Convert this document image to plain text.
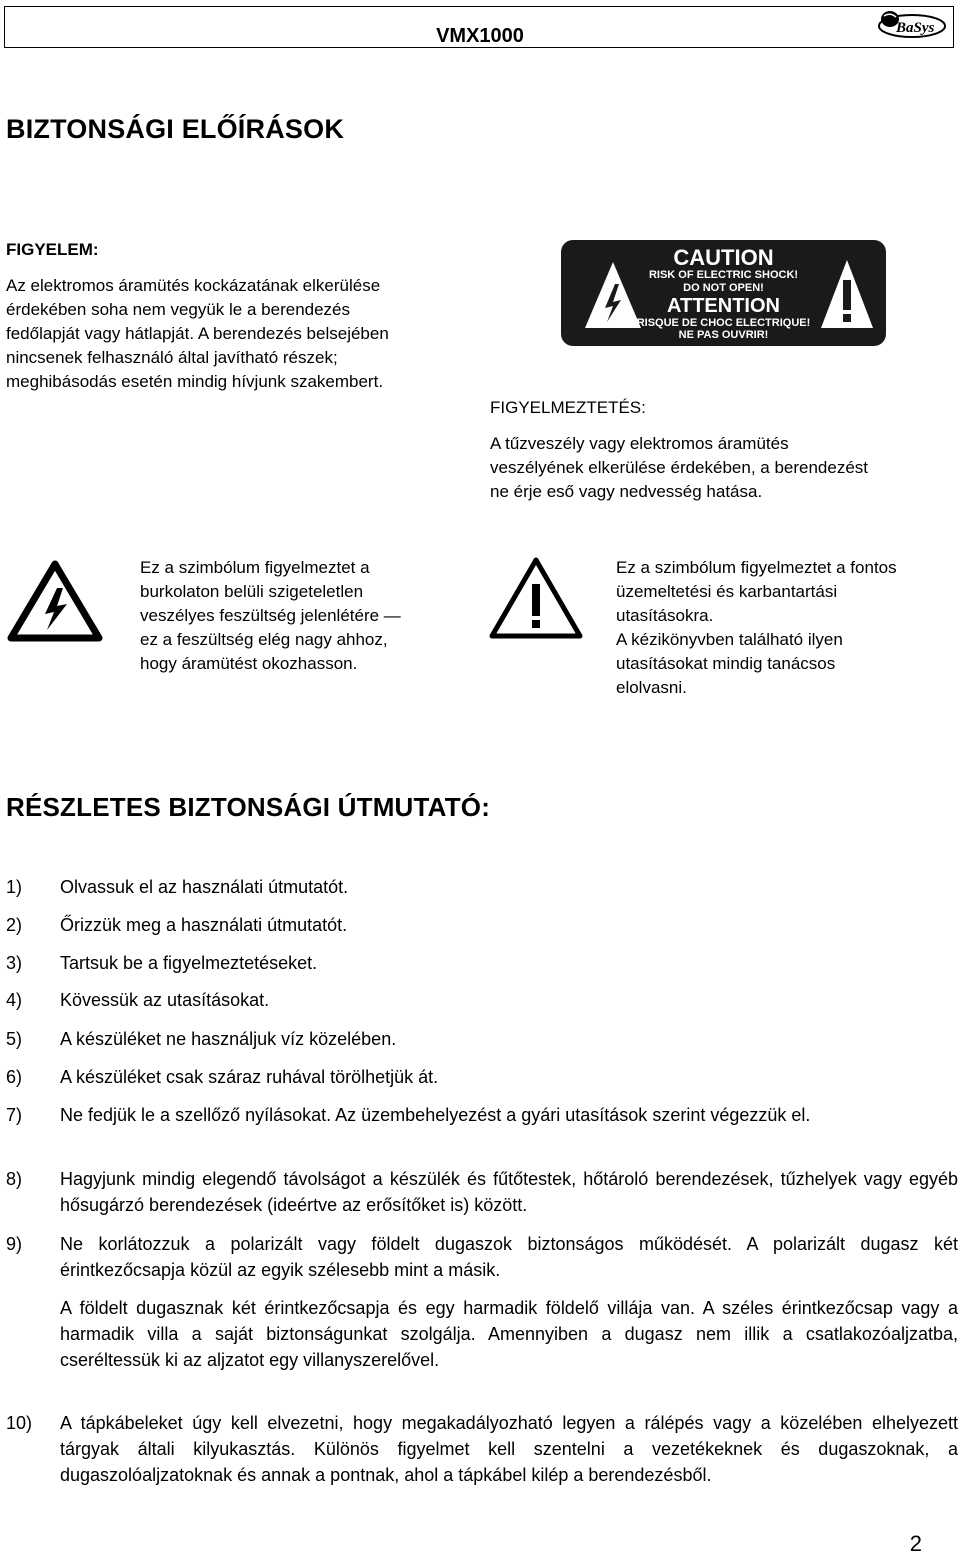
VMX1000	BaSys
BIZTONSÁGI ELŐÍRÁSOK
FIGYELEM:
Az elektromos áramütés kockázatának elkerülése
érdekében soha nem vegyük le a berendezés
fedőlapját vagy hátlapját. A berendezés belsejében
nincsenek felhasználó által javítható részek;
meghibásodás esetén mindig hívjunk szakembert.
CAUTION
RISK OF ELECTRIC SHOCK!
DO NOT OPEN!
ATTENTION
RISQUE DE CHOC ELECTRIQUE!
NE PAS OUVRIR!
FIGYELMEZTETÉS:
A tűzveszély vagy elektromos áramütés
veszélyének elkerülése érdekében, a berendezést
ne érje eső vagy nedvesség hatása.
Ez a szimbólum figyelmeztet a
burkolaton belüli szigeteletlen
veszélyes feszültség jelenlétére —
ez a feszültség elég nagy ahhoz,
hogy áramütést okozhasson.
Ez a szimbólum figyelmeztet a fontos
üzemeltetési és karbantartási
utasításokra.
A kézikönyvben található ilyen
utasításokat mindig tanácsos
elolvasni.
RÉSZLETES BIZTONSÁGI ÚTMUTATÓ:
1)	Olvassuk el az használati útmutatót.
2)	Őrizzük meg a használati útmutatót.
3)	Tartsuk be a figyelmeztetéseket.
4)	Kövessük az utasításokat.
5)	A készüléket ne használjuk víz közelében.
6)	A készüléket csak száraz ruhával törölhetjük át.
7)	Ne fedjük le a szellőző nyílásokat. Az üzembehelyezést a gyári utasítások szerint végezzük el.
8)	Hagyjunk mindig elegendő távolságot a készülék és fűtőtestek, hőtároló berendezések, tűzhelyek vagy egyéb hősugárzó berendezések (ideértve az erősítőket is) között.
9)	Ne korlátozzuk a polarizált vagy földelt dugaszok biztonságos működését. A polarizált dugasz két érintkezőcsapja közül az egyik szélesebb mint a másik.
A földelt dugasznak két érintkezőcsapja és egy harmadik földelő villája van. A széles érintkezőcsap vagy a harmadik villa a saját biztonságunkat szolgálja. Amennyiben a dugasz nem illik a csatlakozóaljzatba, cseréltessük ki az aljzatot egy villanyszerelővel.
10)	A tápkábeleket úgy kell elvezetni, hogy megakadályozható legyen a rálépés vagy a közelében elhelyezett tárgyak általi kilyukasztás. Különös figyelmet kell szentelni a vezetékeknek és dugaszoknak, a dugaszolóaljzatoknak és annak a pontnak, ahol a tápkábel kilép a berendezésből.
2
